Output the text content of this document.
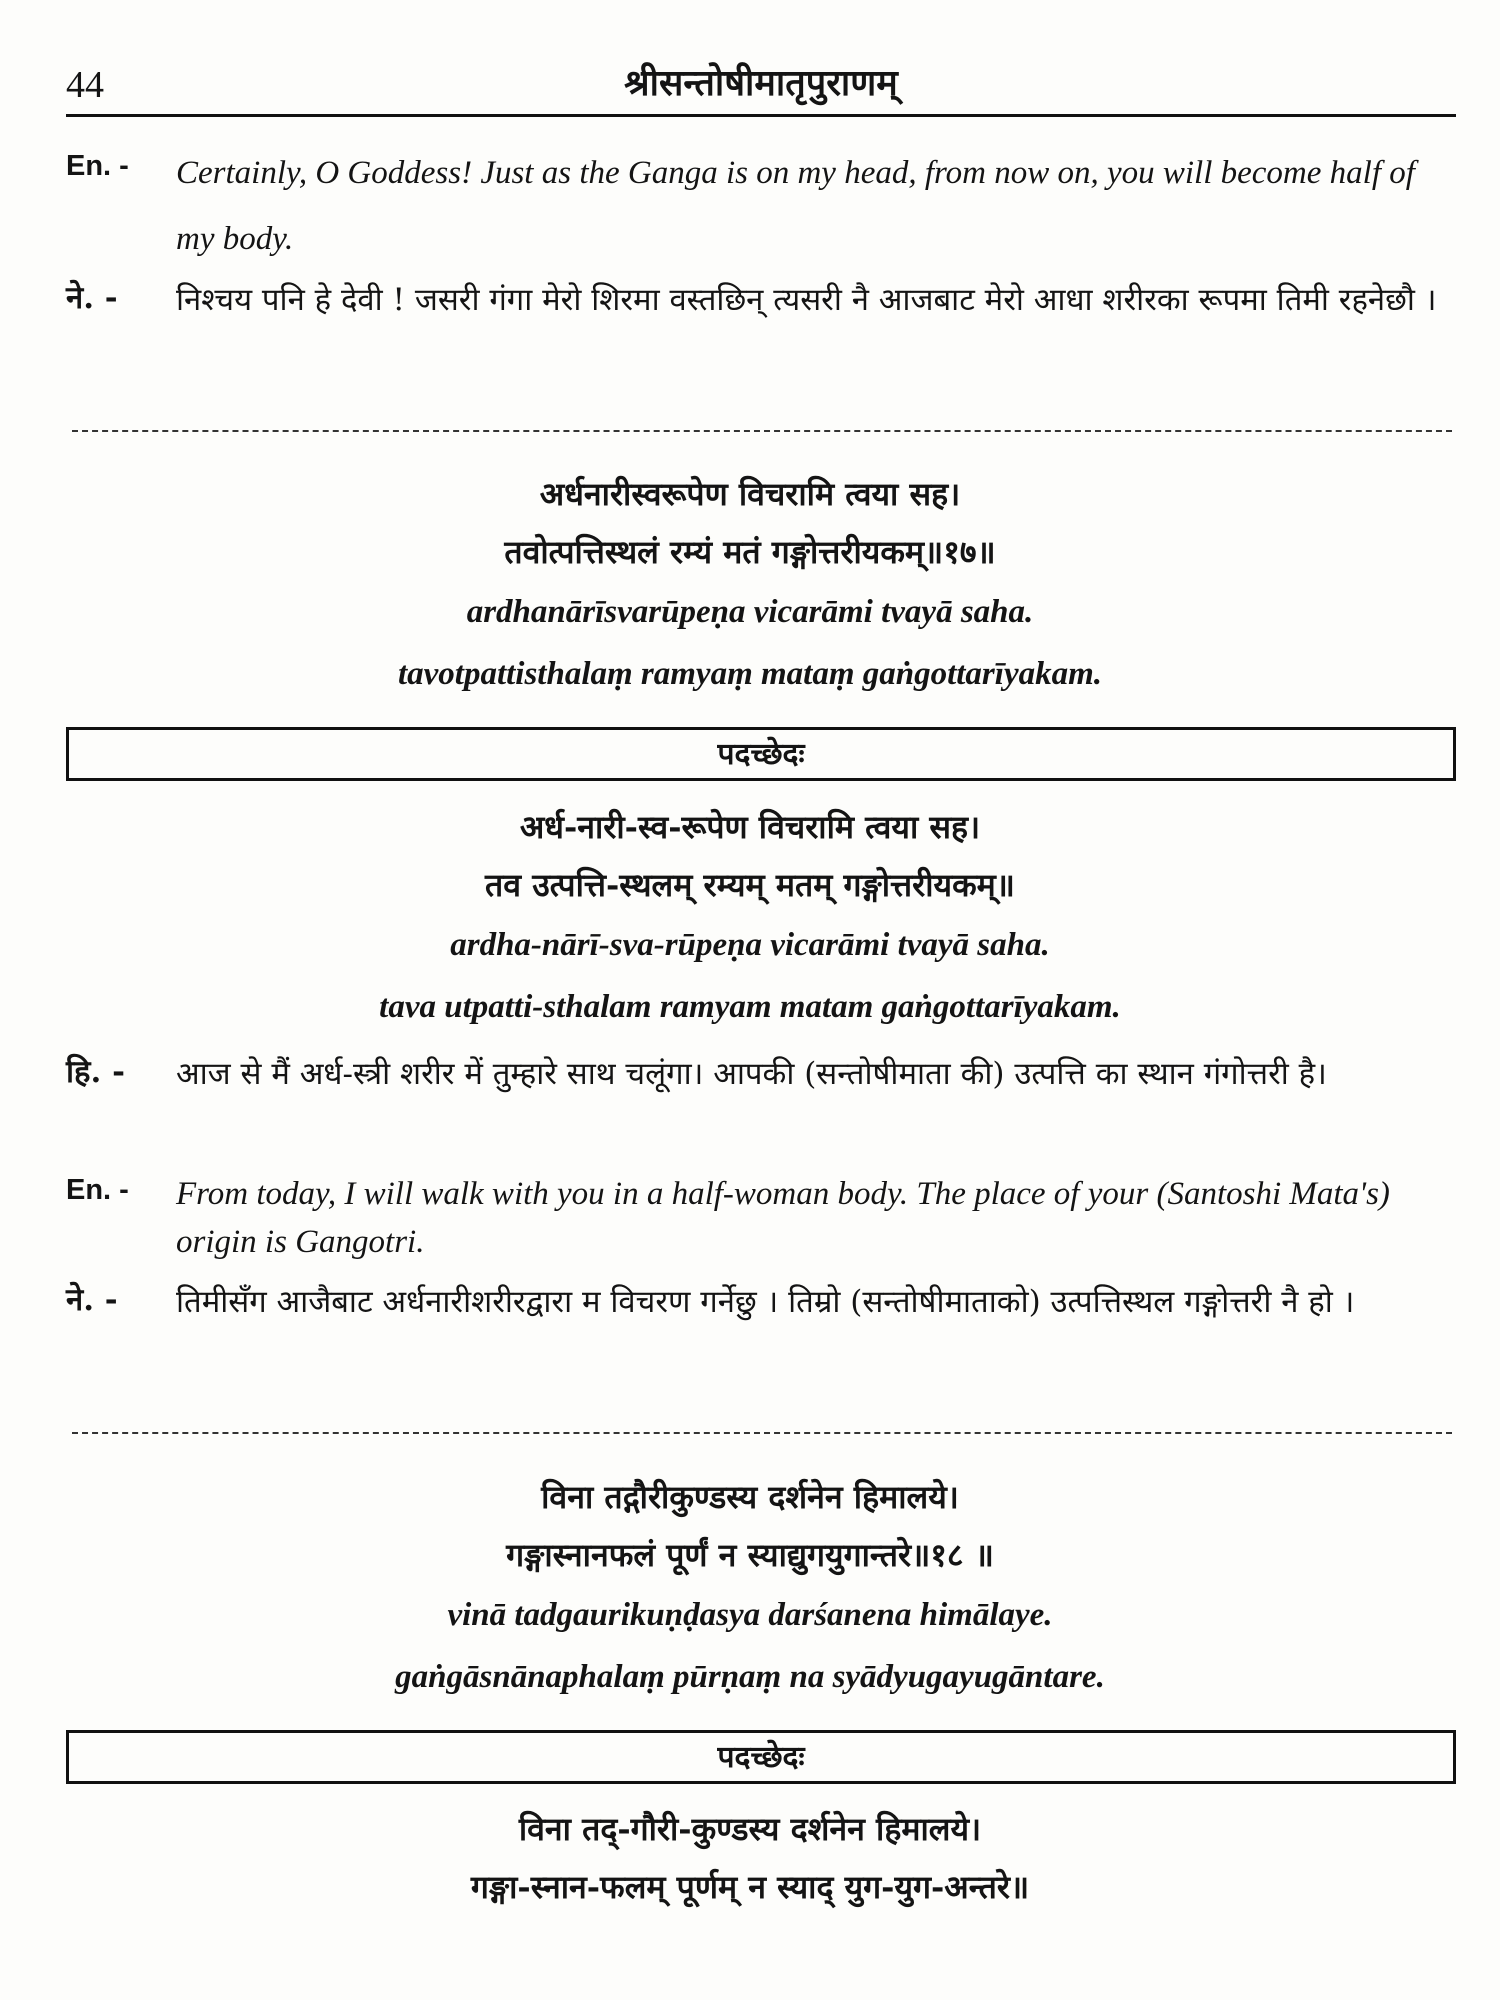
44	श्रीसन्तोषीमातृपुराणम्
En. -	Certainly, O Goddess! Just as the Ganga is on my head, from now on, you will become half of my body.
ने. -	निश्चय पनि हे देवी ! जसरी गंगा मेरो शिरमा वस्तछिन् त्यसरी नै आजबाट मेरो आधा शरीरका रूपमा तिमी रहनेछौ ।
अर्धनारीस्वरूपेण विचरामि त्वया सह।
तवोत्पत्तिस्थलं रम्यं मतं गङ्गोत्तरीयकम्॥१७॥
ardhanārīsvarūpeṇa vicarāmi tvayā saha.
tavotpattisthalaṃ ramyaṃ mataṃ gaṅgottarīyakam.
पदच्छेदः
अर्ध-नारी-स्व-रूपेण विचरामि त्वया सह।
तव उत्पत्ति-स्थलम् रम्यम् मतम् गङ्गोत्तरीयकम्॥
ardha-nārī-sva-rūpeṇa vicarāmi tvayā saha.
tava utpatti-sthalam ramyam matam gaṅgottarīyakam.
हि. -	आज से मैं अर्ध-स्त्री शरीर में तुम्हारे साथ चलूंगा। आपकी (सन्तोषीमाता की) उत्पत्ति का स्थान गंगोत्तरी है।
En. -	From today, I will walk with you in a half-woman body. The place of your (Santoshi Mata's) origin is Gangotri.
ने. -	तिमीसँग आजैबाट अर्धनारीशरीरद्वारा म विचरण गर्नेछु । तिम्रो (सन्तोषीमाताको) उत्पत्तिस्थल गङ्गोत्तरी नै हो ।
विना तद्गौरीकुण्डस्य दर्शनेन हिमालये।
गङ्गास्नानफलं पूर्णं न स्याद्युगयुगान्तरे॥१८ ॥
vinā tadgaurikuṇḍasya darśanena himālaye.
gaṅgāsnānaphalaṃ pūrṇaṃ na syādyugayugāntare.
पदच्छेदः
विना तद्-गौरी-कुण्डस्य दर्शनेन हिमालये।
गङ्गा-स्नान-फलम् पूर्णम् न स्याद् युग-युग-अन्तरे॥
